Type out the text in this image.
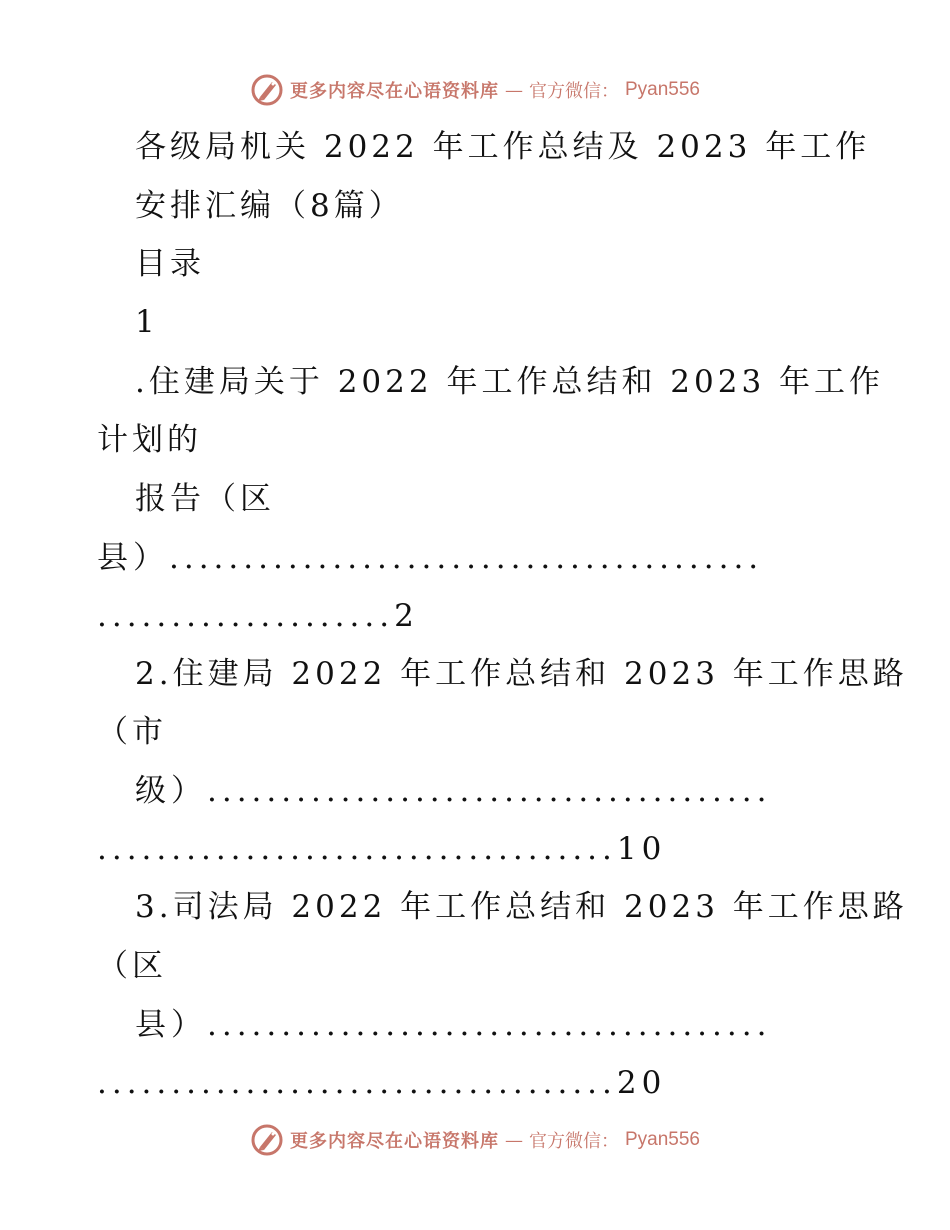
更多内容尽在心语资料库 — 官方微信： Pyan556
各级局机关 2022 年工作总结及 2023 年工作
安排汇编（8篇）
目录
1
.住建局关于 2022 年工作总结和 2023 年工作
计划的
报告（区
县）........................................
....................2
2.住建局 2022 年工作总结和 2023 年工作思路
（市
级）......................................
...................................10
3.司法局 2022 年工作总结和 2023 年工作思路
（区
县）......................................
...................................20
更多内容尽在心语资料库 — 官方微信： Pyan556
